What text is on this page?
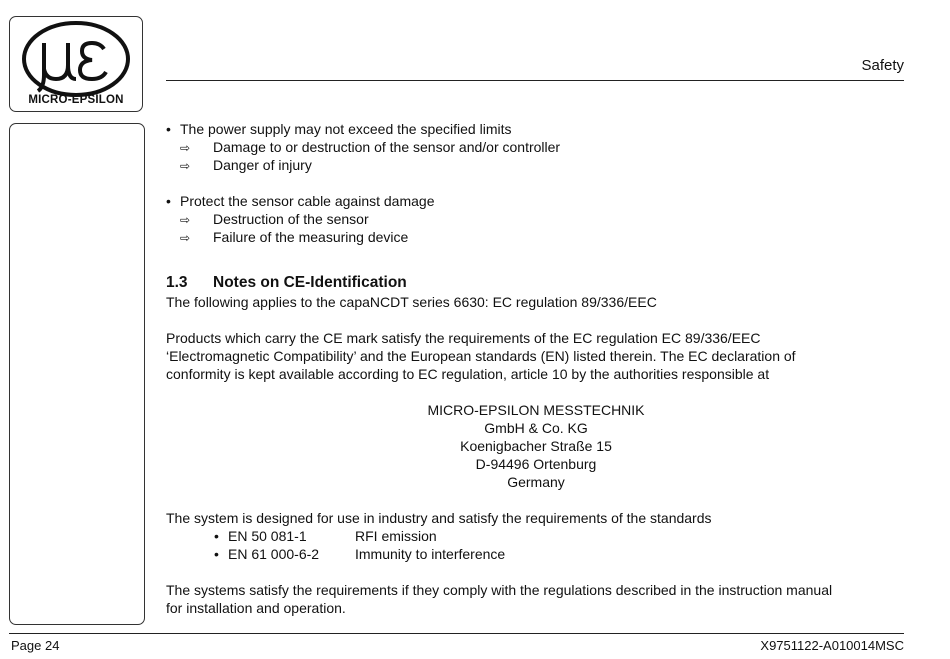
MICRO-EPSILON
Safety
• The power supply may not exceed the specified limits
⇨ Damage to or destruction of the sensor and/or controller
⇨ Danger of injury
• Protect the sensor cable against damage
⇨ Destruction of the sensor
⇨ Failure of the measuring device
1.3 Notes on CE-Identification
The following applies to the capaNCDT series 6630: EC regulation 89/336/EEC
Products which carry the CE mark satisfy the requirements of the EC regulation EC 89/336/EEC
‘Electromagnetic Compatibility’ and the European standards (EN) listed therein. The EC declaration of
conformity is kept available according to EC regulation, article 10 by the authorities responsible at
MICRO-EPSILON MESSTECHNIK
GmbH & Co. KG
Koenigbacher Straße 15
D-94496 Ortenburg
Germany
The system is designed for use in industry and satisfy the requirements of the standards
• EN 50 081-1	RFI emission
• EN 61 000-6-2	Immunity to interference
The systems satisfy the requirements if they comply with the regulations described in the instruction manual
for installation and operation.
Page 24	X9751122-A010014MSC
